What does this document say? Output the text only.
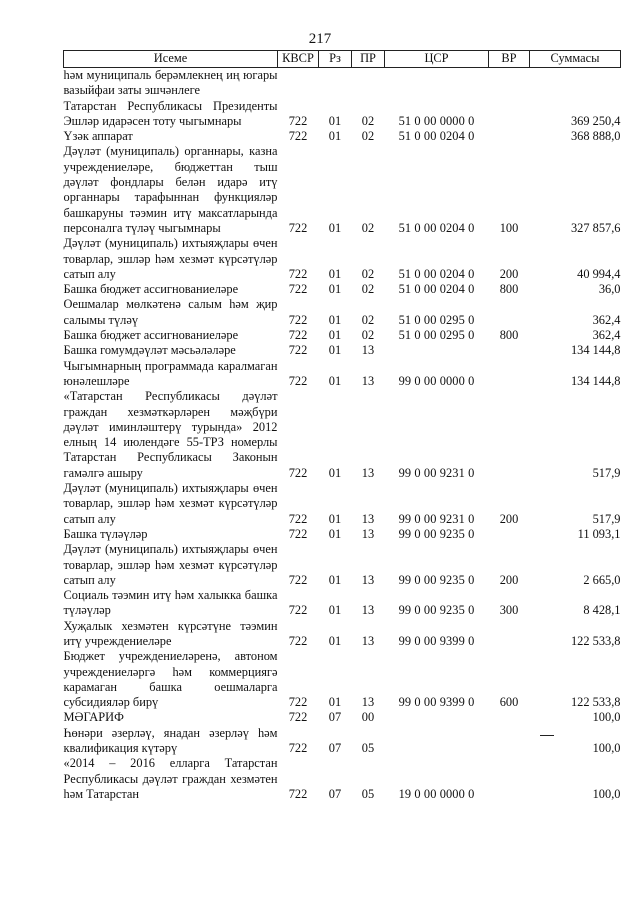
217
Исеме	КВСР	Рз	ПР	ЦСР	ВР	Суммасы
һәм муниципаль берәмлекнең иң югары вазыйфаи заты эшчәнлеге						
Татарстан Республикасы Президенты Эшләр идарәсен тоту чыгымнары	722	01	02	51 0 00 0000 0		369 250,4
Үзәк аппарат	722	01	02	51 0 00 0204 0		368 888,0
Дәүләт (муниципаль) органнары, казна учреждениеләре, бюджеттан тыш дәүләт фондлары белән идарә итү органнары тарафыннан функцияләр башкаруны тәэмин итү максатларында персоналга түләү чыгымнары	722	01	02	51 0 00 0204 0	100	327 857,6
Дәүләт (муниципаль) ихтыяҗлары өчен товарлар, эшләр һәм хезмәт күрсәтүләр сатып алу	722	01	02	51 0 00 0204 0	200	40 994,4
Башка бюджет ассигнованиеләре	722	01	02	51 0 00 0204 0	800	36,0
Оешмалар мөлкәтенә салым һәм җир салымы түләү	722	01	02	51 0 00 0295 0		362,4
Башка бюджет ассигнованиеләре	722	01	02	51 0 00 0295 0	800	362,4
Башка гомумдәүләт мәсьәләләре	722	01	13			134 144,8
Чыгымнарның программада каралмаган юнәлешләре	722	01	13	99 0 00 0000 0		134 144,8
«Татарстан Республикасы дәүләт граждан хезмәткәрләрен мәҗбүри дәүләт иминләштерү турында» 2012 елның 14 июлендәге 55-ТРЗ номерлы Татарстан Республикасы Законын гамәлгә ашыру	722	01	13	99 0 00 9231 0		517,9
Дәүләт (муниципаль) ихтыяҗлары өчен товарлар, эшләр һәм хезмәт күрсәтүләр сатып алу	722	01	13	99 0 00 9231 0	200	517,9
Башка түләүләр	722	01	13	99 0 00 9235 0		11 093,1
Дәүләт (муниципаль) ихтыяҗлары өчен товарлар, эшләр һәм хезмәт күрсәтүләр сатып алу	722	01	13	99 0 00 9235 0	200	2 665,0
Социаль тәэмин итү һәм халыкка башка түләүләр	722	01	13	99 0 00 9235 0	300	8 428,1
Хуҗалык хезмәтен күрсәтүне тәэмин итү учреждениеләре	722	01	13	99 0 00 9399 0		122 533,8
Бюджет учреждениеләренә, автоном учреждениеләргә һәм коммерциягә карамаган башка оешмаларга субсидияләр бирү	722	01	13	99 0 00 9399 0	600	122 533,8
МӘГАРИФ	722	07	00			100,0
Һөнәри әзерләү, янадан әзерләү һәм квалификация күтәрү	722	07	05			100,0
«2014 – 2016 елларга Татарстан Республикасы дәүләт граждан хезмәтен һәм Татарстан	722	07	05	19 0 00 0000 0		100,0
